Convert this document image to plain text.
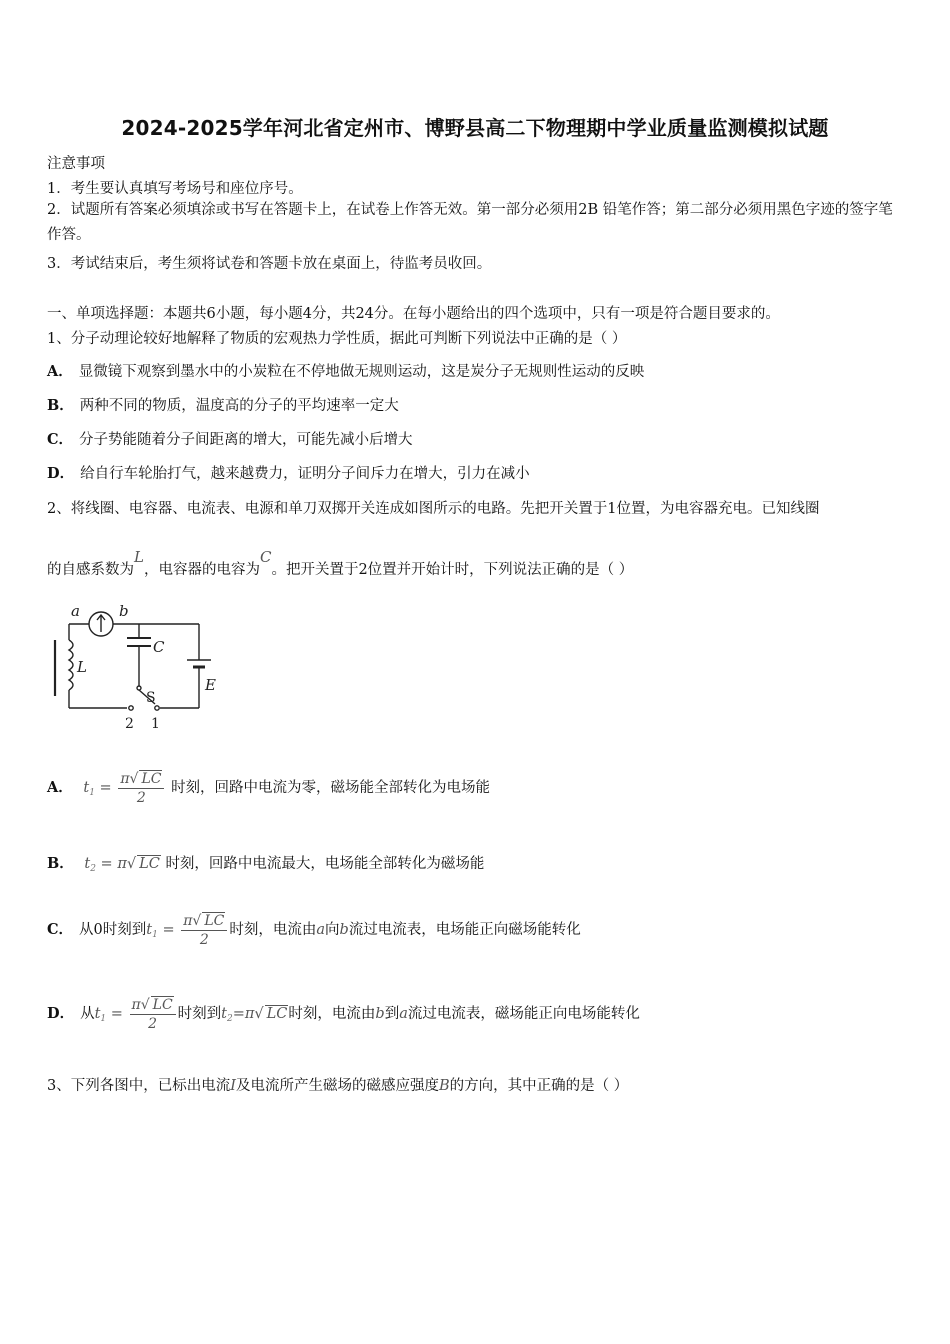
2024-2025学年河北省定州市、博野县高二下物理期中学业质量监测模拟试题
注意事项
1．考生要认真填写考场号和座位序号。
2．试题所有答案必须填涂或书写在答题卡上，在试卷上作答无效。第一部分必须用2B 铅笔作答；第二部分必须用黑色字迹的签字笔作答。
3．考试结束后，考生须将试卷和答题卡放在桌面上，待监考员收回。
一、单项选择题：本题共6小题，每小题4分，共24分。在每小题给出的四个选项中，只有一项是符合题目要求的。
1、分子动理论较好地解释了物质的宏观热力学性质，据此可判断下列说法中正确的是（ ）
A． 显微镜下观察到墨水中的小炭粒在不停地做无规则运动，这是炭分子无规则性运动的反映
B． 两种不同的物质，温度高的分子的平均速率一定大
C． 分子势能随着分子间距离的增大，可能先减小后增大
D． 给自行车轮胎打气，越来越费力，证明分子间斥力在增大，引力在减小
2、将线圈、电容器、电流表、电源和单刀双掷开关连成如图所示的电路。先把开关置于1位置，为电容器充电。已知线圈
的自感系数为L，电容器的电容为C。把开关置于2位置并开始计时，下列说法正确的是（ ）
a	b
C
L
E
S
2 1
A． $t_1 = \frac{\pi√ LC}{2}$ 时刻，回路中电流为零，磁场能全部转化为电场能
B． $t_2 = \pi√$ LC 时刻，回路中电流最大，电场能全部转化为磁场能
C． 从0时刻到$t_1 = \frac{\pi√ LC}{2}$ 时刻，电流由a向b流过电流表，电场能正向磁场能转化
D． 从$t_1 = \frac{\pi√ LC}{2}$ 时刻到$t_2=\pi√$ LC时刻，电流由b到a流过电流表，磁场能正向电场能转化
3、下列各图中，已标出电流I及电流所产生磁场的磁感应强度B的方向，其中正确的是（ ）
